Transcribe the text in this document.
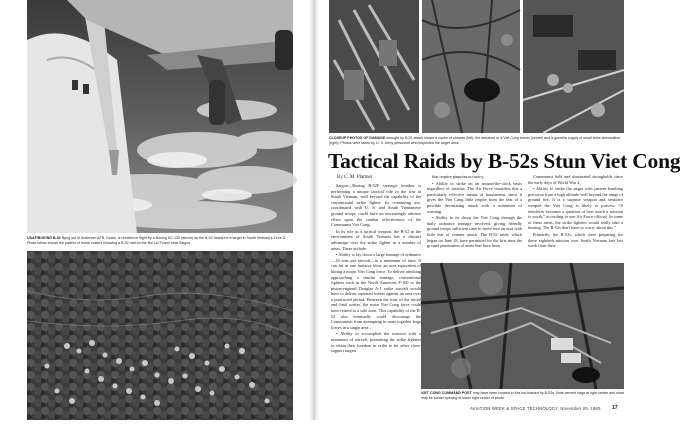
USAF/BOEING B-52 flying out of Andersen AFB, Guam, is refueled in flight by a Boeing KC-135 (above) as the B-52 heads for a target in South Vietnam's Zone D. Photo below shows the pattern of bomb craters following a B-52 raid on the Boi Loi Forest near Saigon.
CLOSEUP PHOTOS OF DAMAGE wrought by B-52 attack shows a cache of shovels (left), the entrance to a Viet Cong tunnel (center) and a guerrilla supply of small arms ammunition (right). Photos were taken by U. S. Army personnel who inspected the target area.
Tactical Raids by B-52s Stun Viet Cong
By C. M. Plattner

Saigon—Boeing B-52F strategic bomber is performing a unique tactical role in the war in South Vietnam, well beyond the capability of the conventional strike fighter. Its continuing use, coordinated with U. S. and South Vietnamese ground troops, could have an increasingly adverse effect upon the combat effectiveness of the Communist Viet Cong.

In its role as a tactical weapon, the B-52 in the environment of South Vietnam has a distinct advantage over the strike fighter in a number of areas. These include:

• Ability to lay down a large tonnage of ordnance—16 tons per aircraft—in a minimum of time. It can hit as one massive blow an area equivalent of hitting a major Viet Cong force. To deliver anything approaching a similar tonnage, conventional fighters such as the North American F-100 or the piston-engined Douglas A-1 strike aircraft would have to deliver repeated sorties against an area over a protracted period. Between the time of the initial and final sorties, the main Viet Cong force could have retired to a safe zone. This capability of the B-52 also eventually could discourage the Communists from attempting to mass together large forces in a single area.

• Ability to accomplish the mission with a minimum of aircraft, permitting the strike fighters to retain their freedom in order to hit other close-support targets

that require pinpoint accuracy.

• Ability to strike on an around-the-clock basis regardless of weather. The Air Force considers this a particularly effective means of harassment, since it gives the Viet Cong little respite from the fear of a possible devastating attack with a minimum of warning.

• Ability to tie down the Viet Cong through the daily ordnance tonnage involved, giving friendly ground troops sufficient time to move into an area with little fear of counter attack. The B-52 raids, which began on June 18, have permitted for the first time the ground penetration of areas that have been

Communist held and dominated strongholds since the early days of World War 2.

• Ability to strike the target with pattern-bombing precision from a high altitude well beyond the range of ground fire. It is a surprise weapon and sensitive weapon the Viet Cong is likely to possess. “It interferes becomes a question of how much a mission is worth,” according to one Air Force official. In some of these areas, the strike fighters would really take a beating. The B-52s don't have to worry about this.”

Primarily, the B-52s, which were preparing for these eightieth mission over South Vietnam late last week from their

VIET CONG COMMAND POST may have been located in this hut blasted by B-52s. Note cement bags at right center and what may be tunnel opening at lower right center of photo.
AVIATION WEEK & SPACE TECHNOLOGY, November 29, 1965 17
